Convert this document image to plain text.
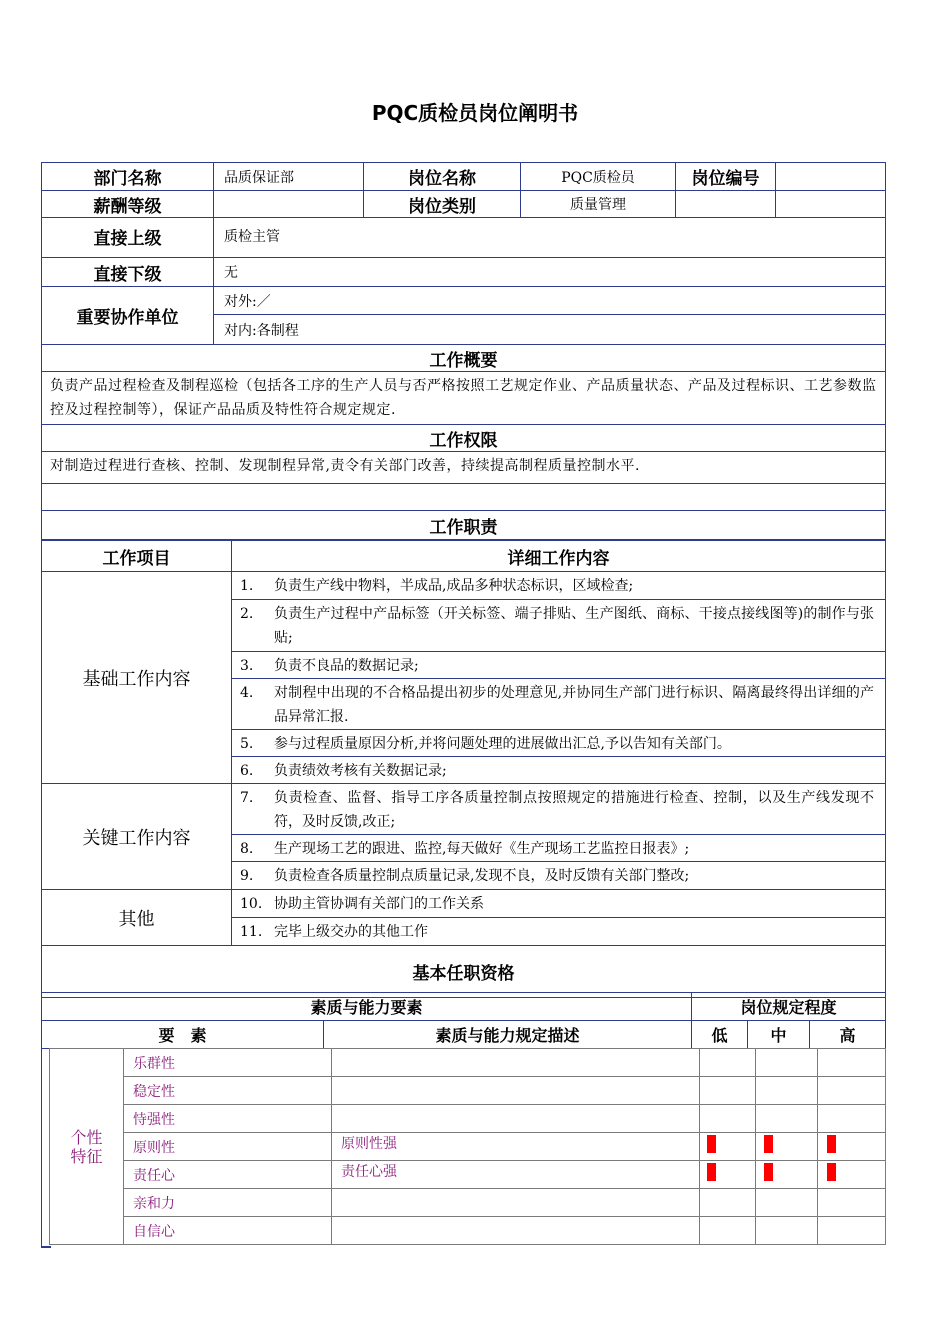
PQC质检员岗位阐明书
部门名称	品质保证部	岗位名称	PQC质检员	岗位编号	
薪酬等级		岗位类别	质量管理		
直接上级	质检主管				
直接下级	无				
重要协作单位	对外:／				
	对内:各制程				
工作概要					
负责产品过程检查及制程巡检（包括各工序的生产人员与否严格按照工艺规定作业、产品质量状态、产品及过程标识、工艺参数监控及过程控制等），保证产品品质及特性符合规定规定.					
工作权限					
对制造过程进行查核、控制、发现制程异常,责令有关部门改善，持续提高制程质量控制水平.					

工作职责					
工作项目	详细工作内容
基础工作内容	1. 负责生产线中物料，半成品,成品多种状态标识，区域检查;
	2. 负责生产过程中产品标签（开关标签、端子排贴、生产图纸、商标、干接点接线图等)的制作与张贴;
	3. 负责不良品的数据记录;
	4. 对制程中出现的不合格品提出初步的处理意见,并协同生产部门进行标识、隔离最终得出详细的产品异常汇报.
	5. 参与过程质量原因分析,并将问题处理的进展做出汇总,予以告知有关部门。
	6. 负责绩效考核有关数据记录;
关键工作内容	7. 负责检查、监督、指导工序各质量控制点按照规定的措施进行检查、控制，以及生产线发现不符，及时反馈,改正;
	8. 生产现场工艺的跟进、监控,每天做好《生产现场工艺监控日报表》;
	9. 负责检查各质量控制点质量记录,发现不良，及时反馈有关部门整改;
其他	10. 协助主管协调有关部门的工作关系
	11. 完毕上级交办的其他工作
基本任职资格	
素质与能力要素		岗位规定程度		
要　素	素质与能力规定描述	低	中	高
个性
特征	乐群性				
	稳定性				
	恃强性				
	原则性	原则性强			
	责任心	责任心强			
	亲和力				
	自信心				
